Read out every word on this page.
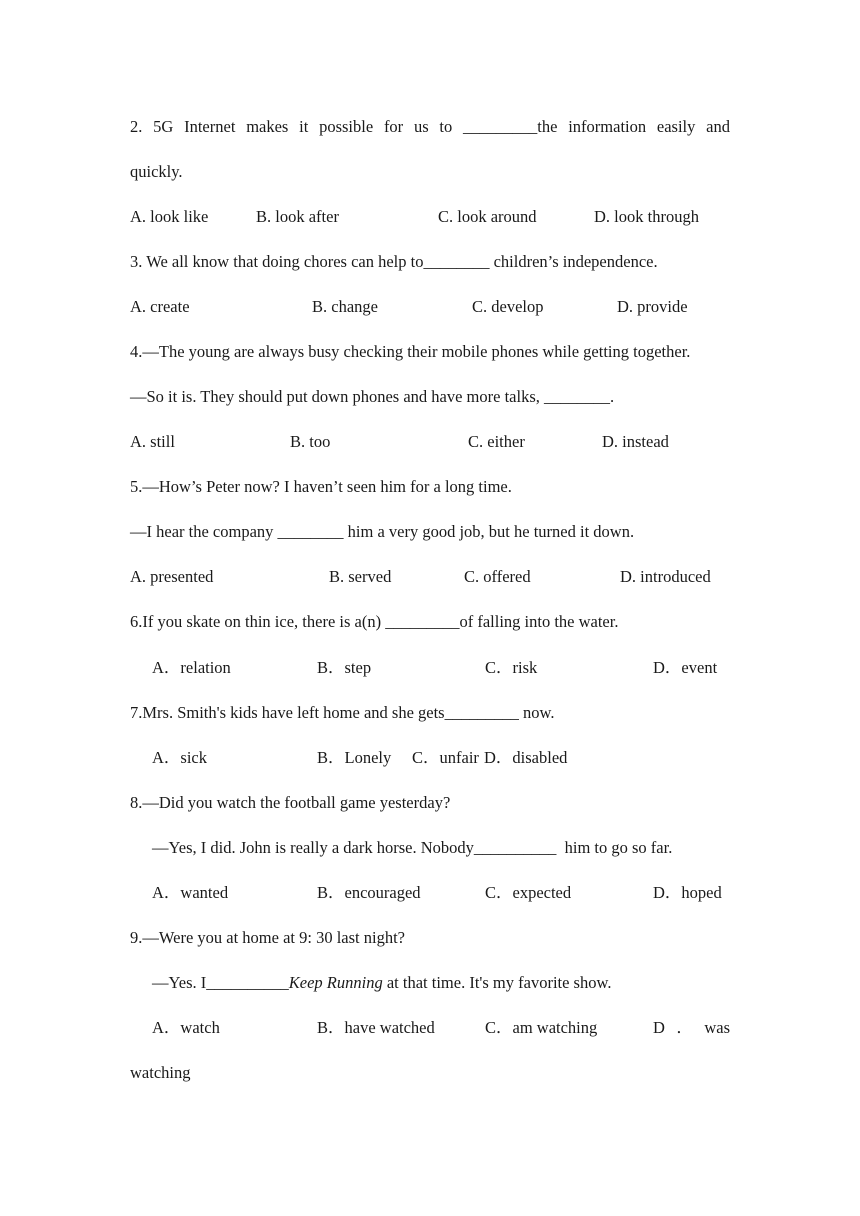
2. 5G Internet makes it possible for us to _________the information easily and
quickly.
A. look like	B. look after	C. look around	D. look through
3. We all know that doing chores can help to________ children’s independence.
A. create	B. change	C. develop	D. provide
4.—The young are always busy checking their mobile phones while getting together.
—So it is. They should put down phones and have more talks, ________.
A. still	B. too	C. either	D. instead
5.—How’s Peter now? I haven’t seen him for a long time.
—I hear the company ________ him a very good job, but he turned it down.
A. presented	B. served	C. offered	D. introduced
6.If you skate on thin ice, there is a(n) _________of falling into the water.
A．relation	B．step	C．risk	D．event
7.Mrs. Smith's kids have left home and she gets_________ now.
A．sick	B．Lonely C．unfair D．disabled
8.—Did you watch the football game yesterday?
—Yes, I did. John is really a dark horse. Nobody__________  him to go so far.
A．wanted	B．encouraged	C．expected	D．hoped
9.—Were you at home at 9: 30 last night?
—Yes. I__________Keep Running at that time. It's my favorite show.
A．watch	B．have watched	C．am watching	D．was
watching
